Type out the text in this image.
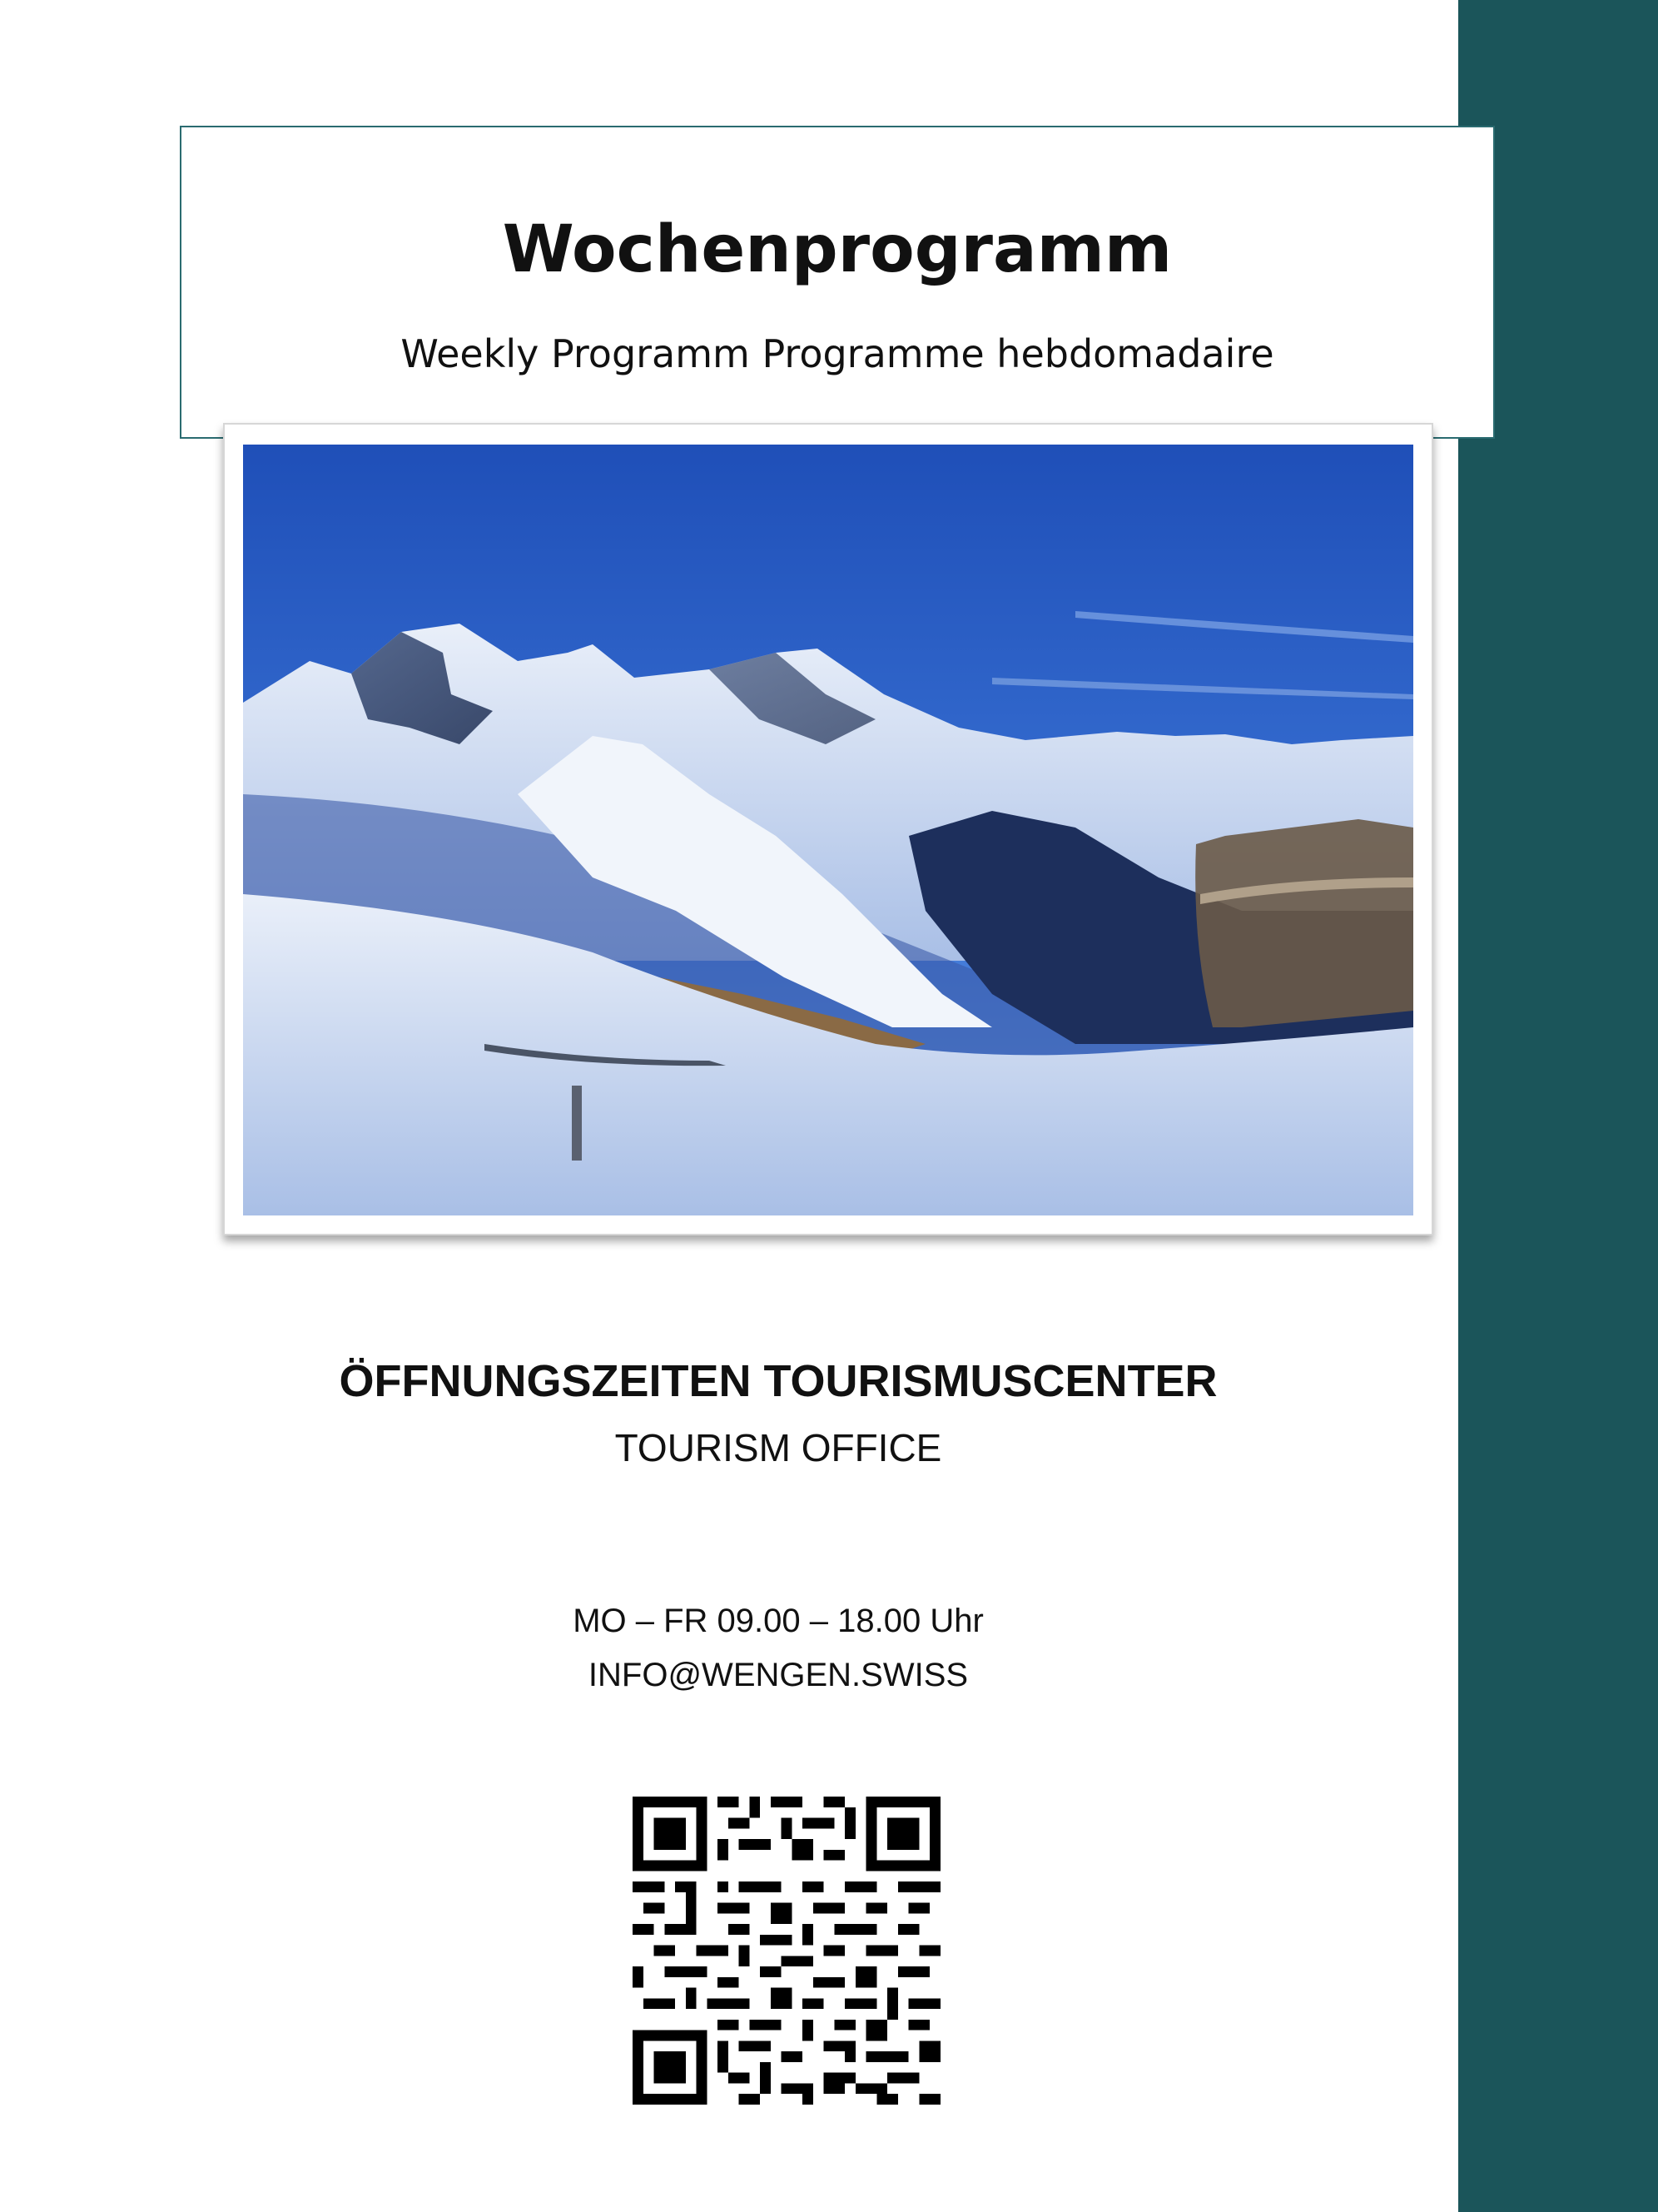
Wochenprogramm
Weekly Programm Programme hebdomadaire
ÖFFNUNGSZEITEN TOURISMUSCENTER
TOURISM OFFICE
MO – FR 09.00 – 18.00 Uhr
INFO@WENGEN.SWISS
